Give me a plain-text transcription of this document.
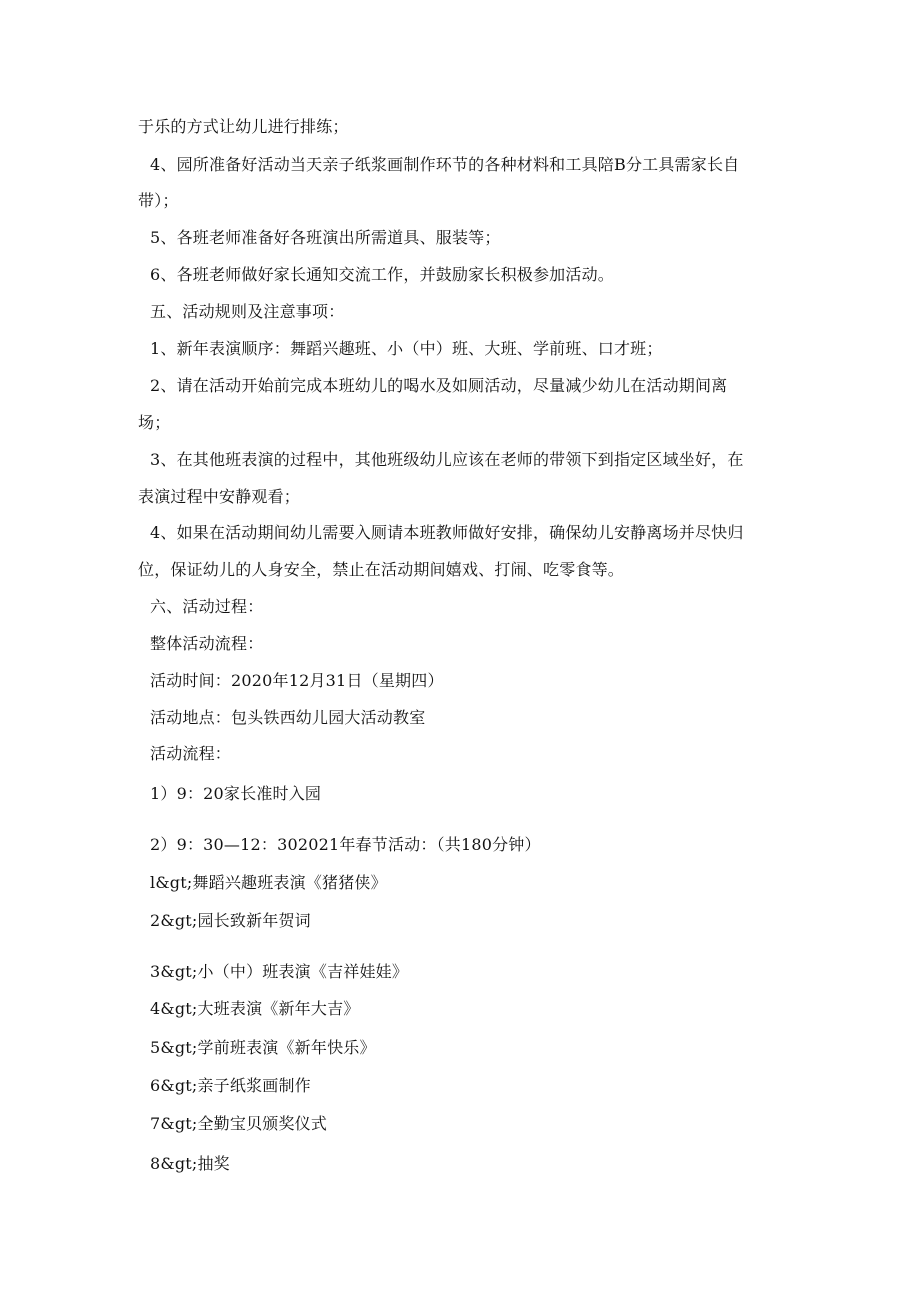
于乐的方式让幼儿进行排练；
4、园所准备好活动当天亲子纸浆画制作环节的各种材料和工具陪B分工具需家长自
带）；
5、各班老师准备好各班演出所需道具、服装等；
6、各班老师做好家长通知交流工作，并鼓励家长积极参加活动。
五、活动规则及注意事项：
1、新年表演顺序：舞蹈兴趣班、小（中）班、大班、学前班、口才班；
2、请在活动开始前完成本班幼儿的喝水及如厕活动，尽量减少幼儿在活动期间离
场；
3、在其他班表演的过程中，其他班级幼儿应该在老师的带领下到指定区域坐好，在
表演过程中安静观看；
4、如果在活动期间幼儿需要入厕请本班教师做好安排，确保幼儿安静离场并尽快归
位，保证幼儿的人身安全，禁止在活动期间嬉戏、打闹、吃零食等。
六、活动过程：
整体活动流程：
活动时间：2020年12月31日（星期四）
活动地点：包头铁西幼儿园大活动教室
活动流程：
1）9：20家长准时入园
2）9：30—12：302021年春节活动：（共180分钟）
l&gt;舞蹈兴趣班表演《猪猪侠》
2&gt;园长致新年贺词
3&gt;小（中）班表演《吉祥娃娃》
4&gt;大班表演《新年大吉》
5&gt;学前班表演《新年快乐》
6&gt;亲子纸浆画制作
7&gt;全勤宝贝颁奖仪式
8&gt;抽奖
